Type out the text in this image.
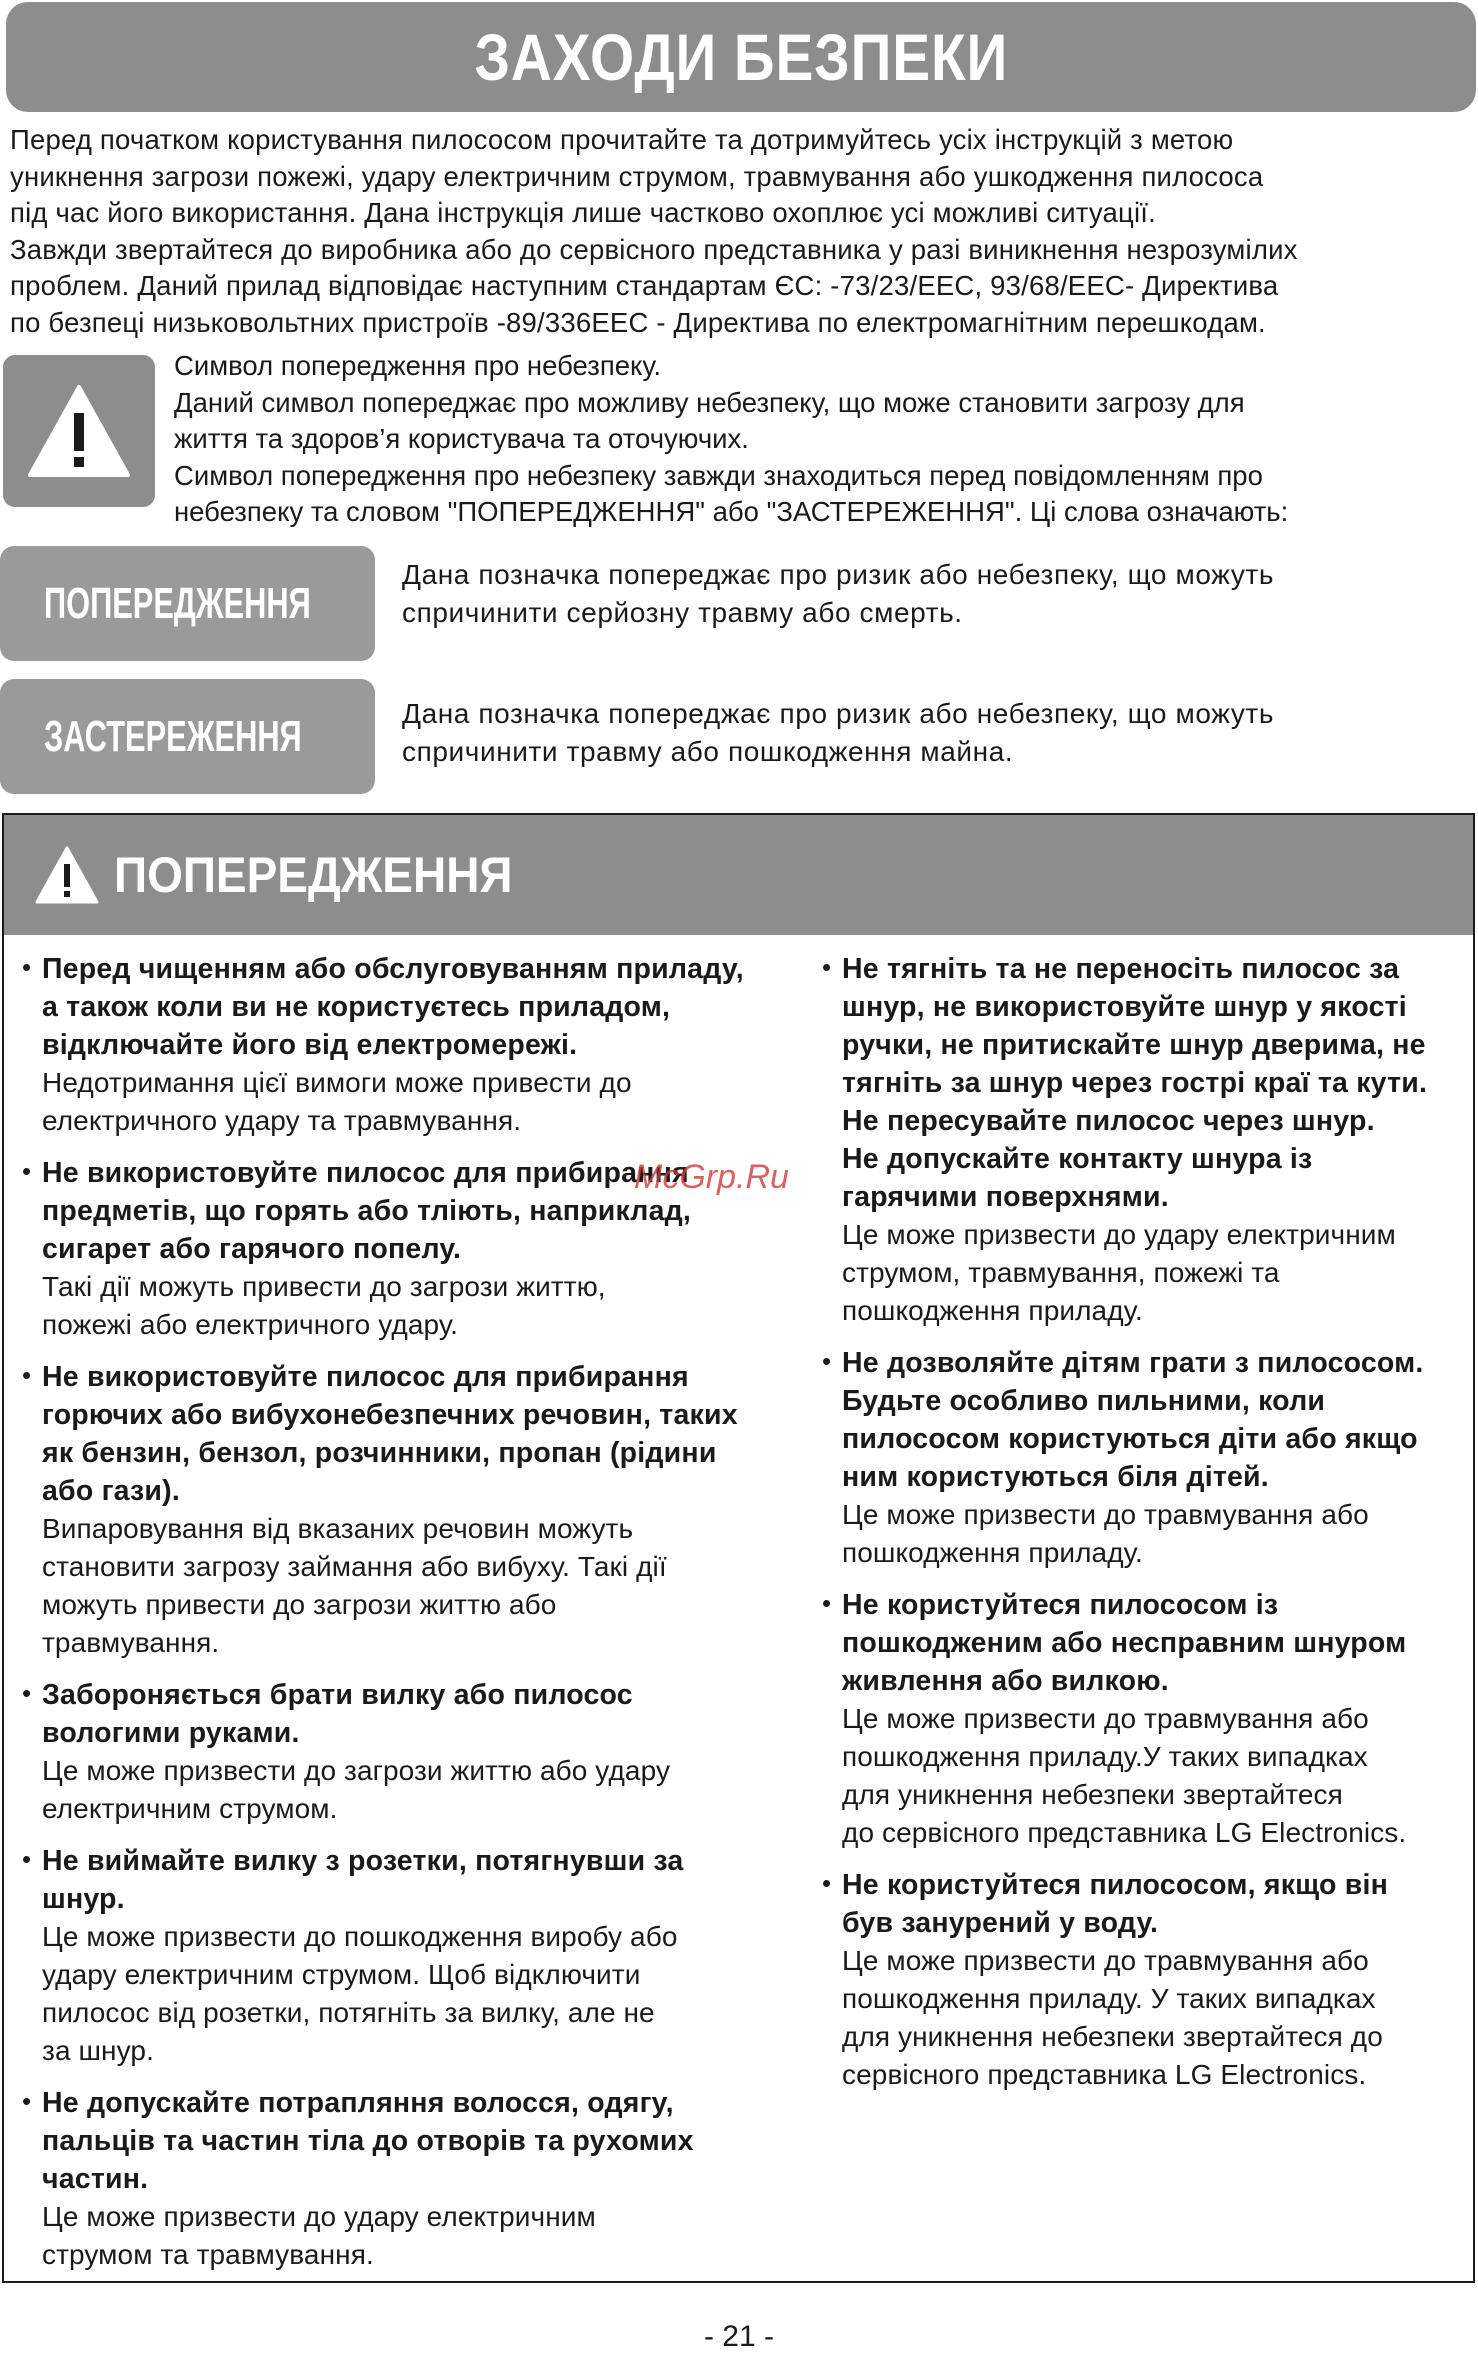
ЗАХОДИ БЕЗПЕКИ
Перед початком користування пилососом прочитайте та дотримуйтесь усіх інструкцій з метою
уникнення загрози пожежі, удару електричним струмом, травмування або ушкодження пилососа
під час його використання. Дана інструкція лише частково охоплює усі можливі ситуації.
Завжди звертайтеся до виробника або до сервісного представника у разі виникнення незрозумілих
проблем. Даний прилад відповідає наступним стандартам ЄС: -73/23/EEC, 93/68/EEC- Директива
по безпеці низьковольтних пристроїв -89/336EEC - Директива по електромагнітним перешкодам.
Символ попередження про небезпеку.
Даний символ попереджає про можливу небезпеку, що може становити загрозу для
життя та здоров’я користувача та оточуючих.
Символ попередження про небезпеку завжди знаходиться перед повідомленням про
небезпеку та словом "ПОПЕРЕДЖЕННЯ" або "ЗАСТЕРЕЖЕННЯ". Ці слова означають:
ПОПЕРЕДЖЕННЯ
Дана позначка попереджає про ризик або небезпеку, що можуть
спричинити серйозну травму або смерть.
ЗАСТЕРЕЖЕННЯ	Дана позначка попереджає про ризик або небезпеку, що можуть
спричинити травму або пошкодження майна.
ПОПЕРЕДЖЕННЯ
• Перед чищенням або обслуговуванням приладу,
а також коли ви не користуєтесь приладом,
відключайте його від електромережі.
Недотримання цієї вимоги може привести до
електричного удару та травмування.
• Не використовуйте пилосос для прибирання
предметів, що горять або тліють, наприклад,
сигарет або гарячого попелу.
Такі дії можуть привести до загрози життю,
пожежі або електричного удару.
• Не використовуйте пилосос для прибирання
горючих або вибухонебезпечних речовин, таких
як бензин, бензол, розчинники, пропан (рідини
або гази).
Випаровування від вказаних речовин можуть
становити загрозу займання або вибуху. Такі дії
можуть привести до загрози життю або
травмування.
• Забороняється брати вилку або пилосос
вологими руками.
Це може призвести до загрози життю або удару
електричним струмом.
• Не виймайте вилку з розетки, потягнувши за
шнур.
Це може призвести до пошкодження виробу або
удару електричним струмом. Щоб відключити
пилосос від розетки, потягніть за вилку, але не
за шнур.
• Не допускайте потрапляння волосся, одягу,
пальців та частин тіла до отворів та рухомих
частин.
Це може призвести до удару електричним
струмом та травмування.
• Не тягніть та не переносіть пилосос за
шнур, не використовуйте шнур у якості
ручки, не притискайте шнур дверима, не
тягніть за шнур через гострі краї та кути.
Не пересувайте пилосос через шнур.
Не допускайте контакту шнура із
гарячими поверхнями.
Це може призвести до удару електричним
струмом, травмування, пожежі та
пошкодження приладу.
• Не дозволяйте дітям грати з пилососом.
Будьте особливо пильними, коли
пилососом користуються діти або якщо
ним користуються біля дітей.
Це може призвести до травмування або
пошкодження приладу.
• Не користуйтеся пилососом із
пошкодженим або несправним шнуром
живлення або вилкою.
Це може призвести до травмування або
пошкодження приладу.У таких випадках
для уникнення небезпеки звертайтеся
до сервісного представника LG Electronics.
• Не користуйтеся пилососом, якщо він
був занурений у воду.
Це може призвести до травмування або
пошкодження приладу. У таких випадках
для уникнення небезпеки звертайтеся до
сервісного представника LG Electronics.
McGrp.Ru
- 21 -
